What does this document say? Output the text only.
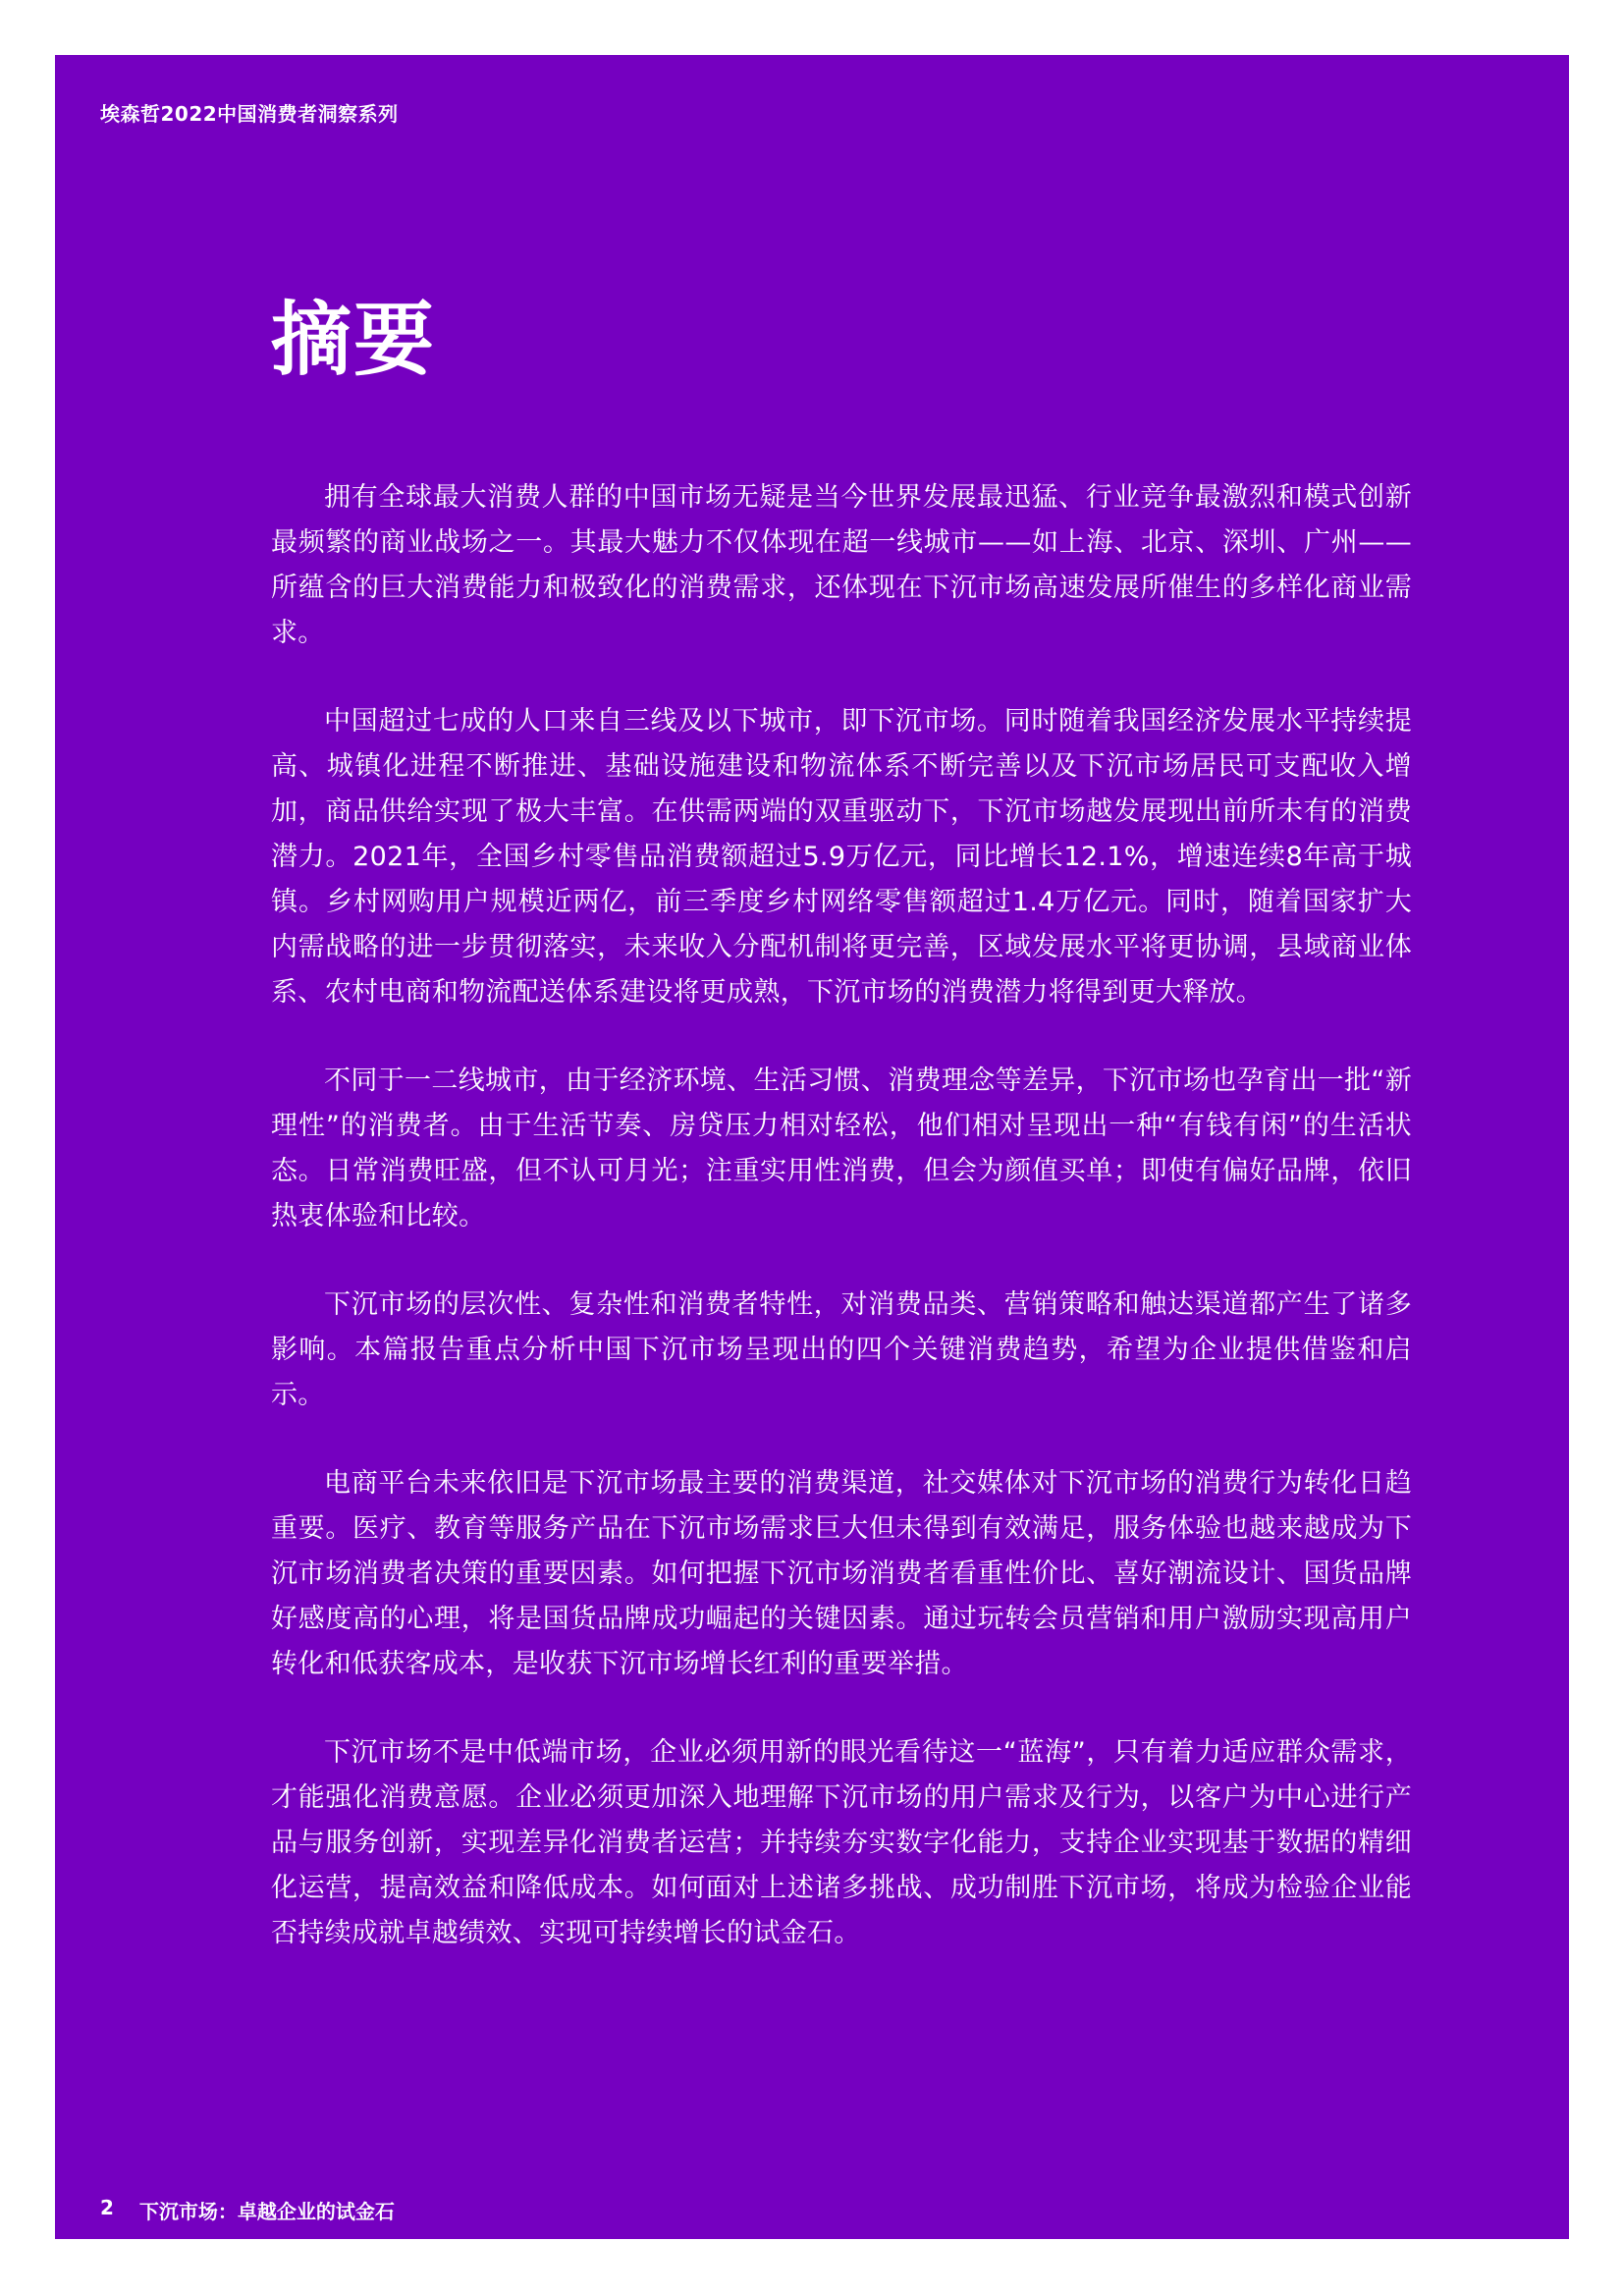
埃森哲2022中国消费者洞察系列

摘要

拥有全球最大消费人群的中国市场无疑是当今世界发展最迅猛、行业竞争最激烈和模式创新最频繁的商业战场之一。其最大魅力不仅体现在超一线城市——如上海、北京、深圳、广州——所蕴含的巨大消费能力和极致化的消费需求，还体现在下沉市场高速发展所催生的多样化商业需求。

中国超过七成的人口来自三线及以下城市，即下沉市场。同时随着我国经济发展水平持续提高、城镇化进程不断推进、基础设施建设和物流体系不断完善以及下沉市场居民可支配收入增加，商品供给实现了极大丰富。在供需两端的双重驱动下，下沉市场越发展现出前所未有的消费潜力。2021年，全国乡村零售品消费额超过5.9万亿元，同比增长12.1%，增速连续8年高于城镇。乡村网购用户规模近两亿，前三季度乡村网络零售额超过1.4万亿元。同时，随着国家扩大内需战略的进一步贯彻落实，未来收入分配机制将更完善，区域发展水平将更协调，县域商业体系、农村电商和物流配送体系建设将更成熟，下沉市场的消费潜力将得到更大释放。

不同于一二线城市，由于经济环境、生活习惯、消费理念等差异，下沉市场也孕育出一批“新理性”的消费者。由于生活节奏、房贷压力相对轻松，他们相对呈现出一种“有钱有闲”的生活状态。日常消费旺盛，但不认可月光；注重实用性消费，但会为颜值买单；即使有偏好品牌，依旧热衷体验和比较。

下沉市场的层次性、复杂性和消费者特性，对消费品类、营销策略和触达渠道都产生了诸多影响。本篇报告重点分析中国下沉市场呈现出的四个关键消费趋势，希望为企业提供借鉴和启示。

电商平台未来依旧是下沉市场最主要的消费渠道，社交媒体对下沉市场的消费行为转化日趋重要。医疗、教育等服务产品在下沉市场需求巨大但未得到有效满足，服务体验也越来越成为下沉市场消费者决策的重要因素。如何把握下沉市场消费者看重性价比、喜好潮流设计、国货品牌好感度高的心理，将是国货品牌成功崛起的关键因素。通过玩转会员营销和用户激励实现高用户转化和低获客成本，是收获下沉市场增长红利的重要举措。

下沉市场不是中低端市场，企业必须用新的眼光看待这一“蓝海”，只有着力适应群众需求，才能强化消费意愿。企业必须更加深入地理解下沉市场的用户需求及行为，以客户为中心进行产品与服务创新，实现差异化消费者运营；并持续夯实数字化能力，支持企业实现基于数据的精细化运营，提高效益和降低成本。如何面对上述诸多挑战、成功制胜下沉市场，将成为检验企业能否持续成就卓越绩效、实现可持续增长的试金石。

2 下沉市场：卓越企业的试金石
